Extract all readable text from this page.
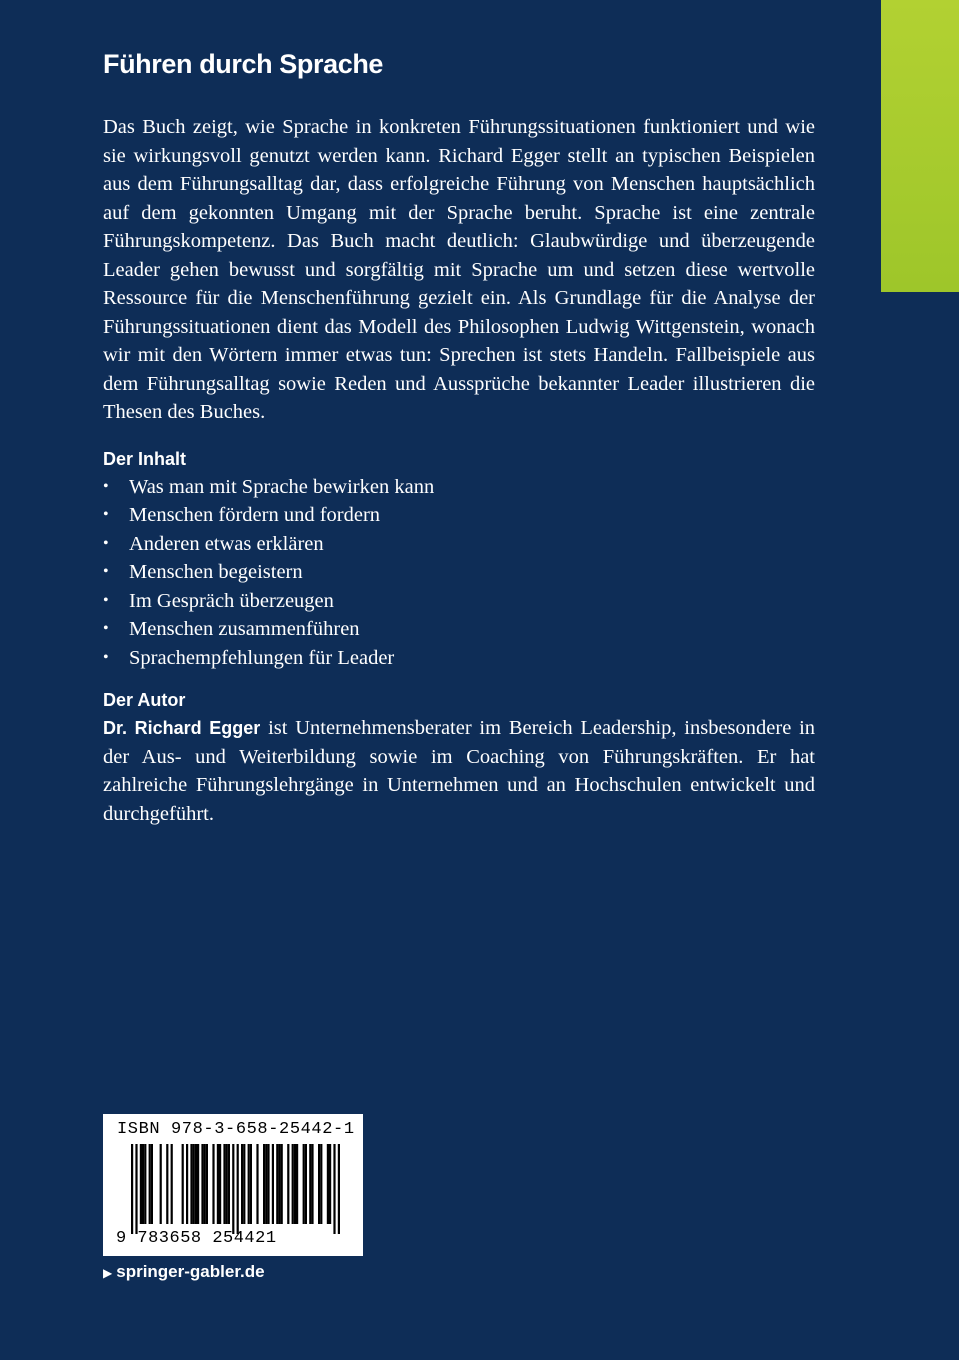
Führen durch Sprache

Das Buch zeigt, wie Sprache in konkreten Führungssituationen funktioniert und wie sie wirkungsvoll genutzt werden kann. Richard Egger stellt an typischen Beispielen aus dem Führungsalltag dar, dass erfolgreiche Führung von Menschen hauptsächlich auf dem gekonnten Umgang mit der Sprache beruht. Sprache ist eine zentrale Führungskompetenz. Das Buch macht deutlich: Glaubwürdige und überzeugende Leader gehen bewusst und sorgfältig mit Sprache um und setzen diese wertvolle Ressource für die Menschenführung gezielt ein. Als Grundlage für die Analyse der Führungssituationen dient das Modell des Philosophen Ludwig Wittgenstein, wonach wir mit den Wörtern immer etwas tun: Sprechen ist stets Handeln. Fallbeispiele aus dem Führungsalltag sowie Reden und Aussprüche bekannter Leader illustrieren die Thesen des Buches.

Der Inhalt
• Was man mit Sprache bewirken kann
• Menschen fördern und fordern
• Anderen etwas erklären
• Menschen begeistern
• Im Gespräch überzeugen
• Menschen zusammenführen
• Sprachempfehlungen für Leader
Der Autor

Dr. Richard Egger ist Unternehmensberater im Bereich Leadership, insbesondere in der Aus- und Weiterbildung sowie im Coaching von Führungskräften. Er hat zahlreiche Führungslehrgänge in Unternehmen und an Hochschulen entwickelt und durchgeführt.

ISBN 978-3-658-25442-1
9 783658 254421
▶ springer-gabler.de
